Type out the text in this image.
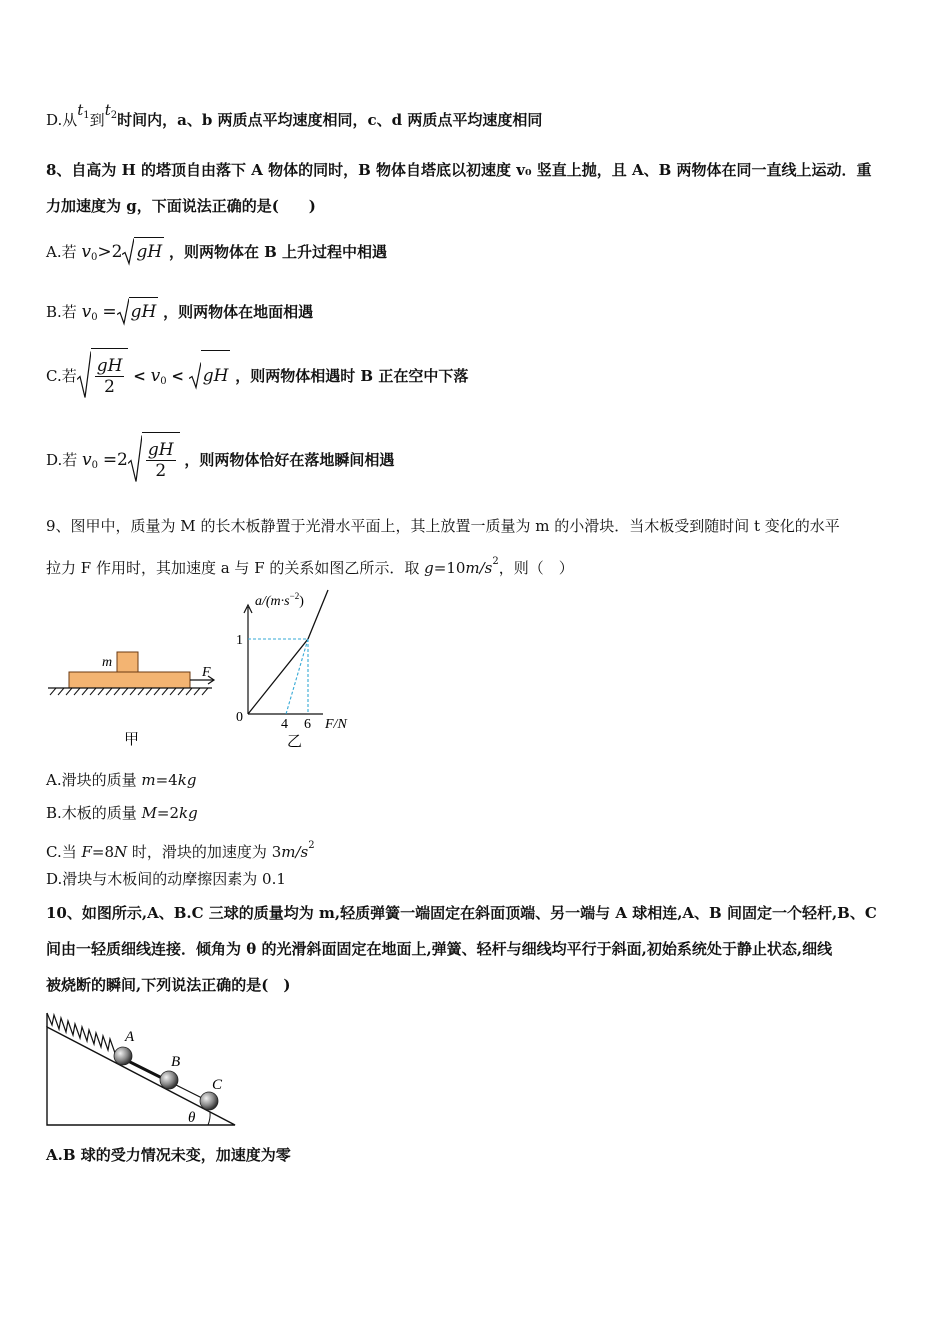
D.从$t_1$到$t_2$时间内，a、b 两质点平均速度相同，c、d 两质点平均速度相同
8、自高为 H 的塔顶自由落下 A 物体的同时，B 物体自塔底以初速度 v₀ 竖直上抛，且 A、B 两物体在同一直线上运动．重
力加速度为 g，下面说法正确的是(　　)
A.若 $v_0>2$ gH ，则两物体在 B 上升过程中相遇
B.若 $v_0$ = gH ，则两物体在地面相遇
C.若 $\frac{gH}{2} < v_0$ < gH ，则两物体相遇时 B 正在空中下落
D.若 $v_0 =2 \frac{gH}{2}$ ，则两物体恰好在落地瞬间相遇
9、图甲中，质量为 M 的长木板静置于光滑水平面上，其上放置一质量为 m 的小滑块．当木板受到随时间 t 变化的水平
拉力 F 作用时，其加速度 a 与 F 的关系如图乙所示．取 $g=10m/s^2$，则（　）
m
F
甲
$a/(m\cdot s^{-2})$
1
0	4 6 F/N
乙
A.滑块的质量 m=4kg
B.木板的质量 M=2kg
C.当 F=8N 时，滑块的加速度为 $3m/s^2$
D.滑块与木板间的动摩擦因素为 0.1
10、如图所示,A、B.C 三球的质量均为 m,轻质弹簧一端固定在斜面顶端、另一端与 A 球相连,A、B 间固定一个轻杆,B、C
间由一轻质细线连接．倾角为 θ 的光滑斜面固定在地面上,弹簧、轻杆与细线均平行于斜面,初始系统处于静止状态,细线
被烧断的瞬间,下列说法正确的是(　)
A
B
C
θ
A.B 球的受力情况未变，加速度为零
